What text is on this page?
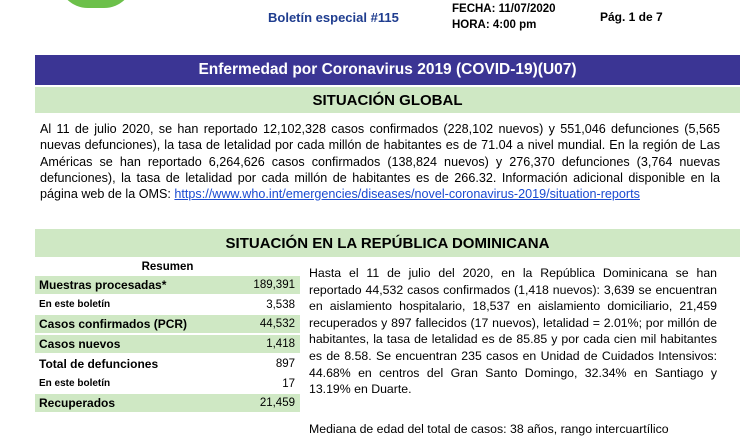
Boletín especial #115
FECHA: 11/07/2020
HORA: 4:00 pm
Pág. 1 de 7
Enfermedad por Coronavirus 2019 (COVID-19)(U07)
SITUACIÓN GLOBAL
Al 11 de julio 2020, se han reportado 12,102,328 casos confirmados (228,102 nuevos) y 551,046 defunciones (5,565 nuevas defunciones), la tasa de letalidad por cada millón de habitantes es de 71.04 a nivel mundial. En la región de Las Américas se han reportado 6,264,626 casos confirmados (138,824 nuevos) y 276,370 defunciones (3,764 nuevas defunciones), la tasa de letalidad por cada millón de habitantes es de 266.32. Información adicional disponible en la página web de la OMS: https://www.who.int/emergencies/diseases/novel-coronavirus-2019/situation-reports
SITUACIÓN EN LA REPÚBLICA DOMINICANA
Resumen
Muestras procesadas*	189,391
En este boletín	3,538
Casos confirmados (PCR)	44,532
Casos nuevos	1,418
Total de defunciones	897
En este boletín	17
Recuperados	21,459
Hasta el 11 de julio del 2020, en la República Dominicana se han reportado 44,532 casos confirmados (1,418 nuevos): 3,639 se encuentran en aislamiento hospitalario, 18,537 en aislamiento domiciliario, 21,459 recuperados y 897 fallecidos (17 nuevos), letalidad = 2.01%; por millón de habitantes, la tasa de letalidad es de 85.85 y por cada cien mil habitantes es de 8.58. Se encuentran 235 casos en Unidad de Cuidados Intensivos: 44.68% en centros del Gran Santo Domingo, 32.34% en Santiago y 13.19% en Duarte.
Mediana de edad del total de casos: 38 años, rango intercuartílico
